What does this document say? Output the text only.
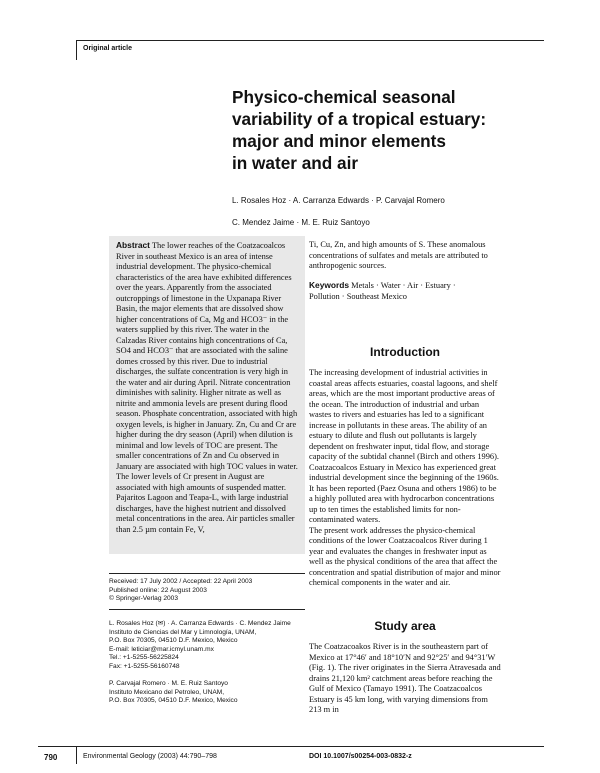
Original article
Physico-chemical seasonal
variability of a tropical estuary:
major and minor elements
in water and air
L. Rosales Hoz · A. Carranza Edwards · P. Carvajal Romero
C. Mendez Jaime · M. E. Ruiz Santoyo
Abstract The lower reaches of the Coatzacoalcos River in southeast Mexico is an area of intense industrial development. The physico-chemical characteristics of the area have exhibited differences over the years. Apparently from the associated outcroppings of limestone in the Uxpanapa River Basin, the major elements that are dissolved show higher concentrations of Ca, Mg and HCO3⁻ in the waters supplied by this river. The water in the Calzadas River contains high concentrations of Ca, SO4 and HCO3⁻ that are associated with the saline domes crossed by this river. Due to industrial discharges, the sulfate concentration is very high in the water and air during April. Nitrate concentration diminishes with salinity. Higher nitrate as well as nitrite and ammonia levels are present during flood season. Phosphate concentration, associated with high oxygen levels, is higher in January. Zn, Cu and Cr are higher during the dry season (April) when dilution is minimal and low levels of TOC are present. The smaller concentrations of Zn and Cu observed in January are associated with high TOC values in water. The lower levels of Cr present in August are associated with high amounts of suspended matter. Pajaritos Lagoon and Teapa-L, with large industrial discharges, have the highest nutrient and dissolved metal concentrations in the area. Air particles smaller than 2.5 µm contain Fe, V,
Ti, Cu, Zn, and high amounts of S. These anomalous concentrations of sulfates and metals are attributed to anthropogenic sources.
Keywords Metals · Water · Air · Estuary · Pollution · Southeast Mexico
Introduction

The increasing development of industrial activities in coastal areas affects estuaries, coastal lagoons, and shelf areas, which are the most important productive areas of the ocean. The introduction of industrial and urban wastes to rivers and estuaries has led to a significant increase in pollutants in these areas. The ability of an estuary to dilute and flush out pollutants is largely dependent on freshwater input, tidal flow, and storage capacity of the subtidal channel (Birch and others 1996).

Coatzacoalcos Estuary in Mexico has experienced great industrial development since the beginning of the 1960s. It has been reported (Paez Osuna and others 1986) to be a highly polluted area with hydrocarbon concentrations up to ten times the established limits for non-contaminated waters.

The present work addresses the physico-chemical conditions of the lower Coatzacoalcos River during 1 year and evaluates the changes in freshwater input as well as the physical conditions of the area that affect the concentration and spatial distribution of major and minor chemical components in the water and air.

Received: 17 July 2002 / Accepted: 22 April 2003
Published online: 22 August 2003
© Springer-Verlag 2003
L. Rosales Hoz (✉) · A. Carranza Edwards · C. Mendez Jaime
Instituto de Ciencias del Mar y Limnología, UNAM,
P.O. Box 70305, 04510 D.F. Mexico, Mexico
E-mail: leticiar@mar.icmyl.unam.mx
Tel.: +1-5255-56225824
Fax: +1-5255-56160748
P. Carvajal Romero · M. E. Ruiz Santoyo
Instituto Mexicano del Petroleo, UNAM,
P.O. Box 70305, 04510 D.F. Mexico, Mexico
Study area
The Coatzacoakos River is in the southeastern part of Mexico at 17°46′ and 18°10′N and 92°25′ and 94°31′W (Fig. 1). The river originates in the Sierra Atravesada and drains 21,120 km² catchment areas before reaching the Gulf of Mexico (Tamayo 1991). The Coatzacoalcos Estuary is 45 km long, with varying dimensions from 213 m in
790	Environmental Geology (2003) 44:790–798	DOI 10.1007/s00254-003-0832-z
